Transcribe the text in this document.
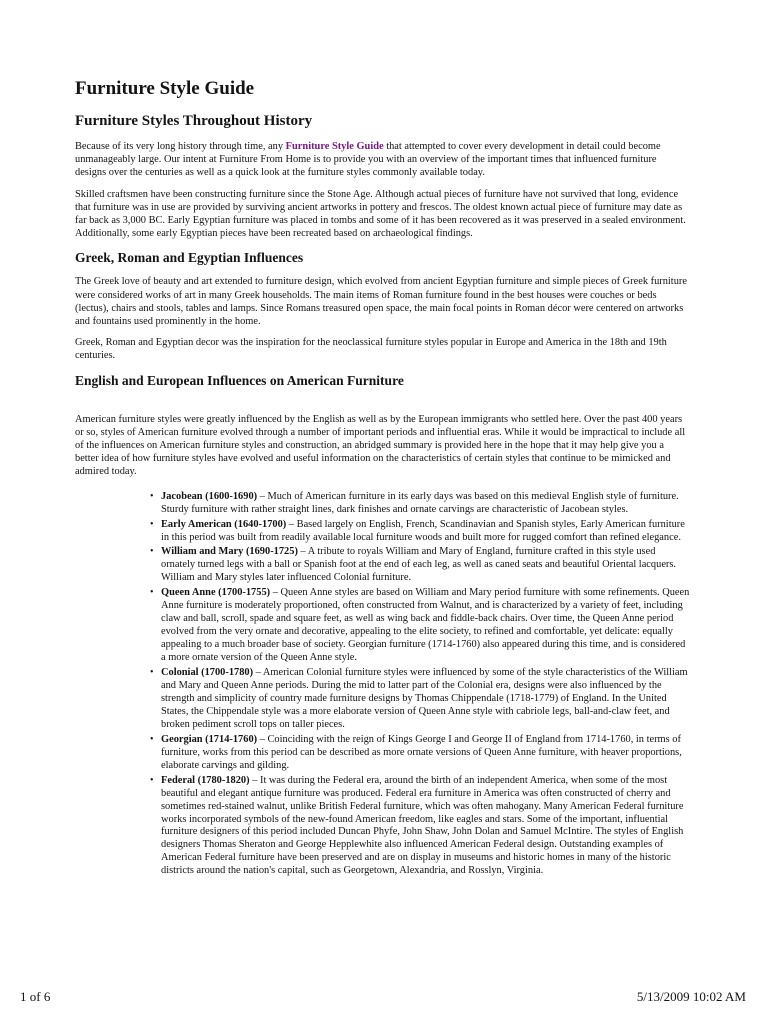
Furniture Style Guide
Furniture Styles Throughout History

Because of its very long history through time, any Furniture Style Guide that attempted to cover every development in detail could become unmanageably large. Our intent at Furniture From Home is to provide you with an overview of the important times that influenced furniture designs over the centuries as well as a quick look at the furniture styles commonly available today.

Skilled craftsmen have been constructing furniture since the Stone Age. Although actual pieces of furniture have not survived that long, evidence that furniture was in use are provided by surviving ancient artworks in pottery and frescos. The oldest known actual piece of furniture may date as far back as 3,000 BC. Early Egyptian furniture was placed in tombs and some of it has been recovered as it was preserved in a sealed environment. Additionally, some early Egyptian pieces have been recreated based on archaeological findings.

Greek, Roman and Egyptian Influences

The Greek love of beauty and art extended to furniture design, which evolved from ancient Egyptian furniture and simple pieces of Greek furniture were considered works of art in many Greek households. The main items of Roman furniture found in the best houses were couches or beds (lectus), chairs and stools, tables and lamps. Since Romans treasured open space, the main focal points in Roman décor were centered on artworks and fountains used prominently in the home.

Greek, Roman and Egyptian decor was the inspiration for the neoclassical furniture styles popular in Europe and America in the 18th and 19th centuries.

English and European Influences on American Furniture

American furniture styles were greatly influenced by the English as well as by the European immigrants who settled here. Over the past 400 years or so, styles of American furniture evolved through a number of important periods and influential eras. While it would be impractical to include all of the influences on American furniture styles and construction, an abridged summary is provided here in the hope that it may help give you a better idea of how furniture styles have evolved and useful information on the characteristics of certain styles that continue to be mimicked and admired today.

• Jacobean (1600-1690) – Much of American furniture in its early days was based on this medieval English style of furniture. Sturdy furniture with rather straight lines, dark finishes and ornate carvings are characteristic of Jacobean styles.
• Early American (1640-1700) – Based largely on English, French, Scandinavian and Spanish styles, Early American furniture in this period was built from readily available local furniture woods and built more for rugged comfort than refined elegance.
• William and Mary (1690-1725) – A tribute to royals William and Mary of England, furniture crafted in this style used ornately turned legs with a ball or Spanish foot at the end of each leg, as well as caned seats and beautiful Oriental lacquers. William and Mary styles later influenced Colonial furniture.
• Queen Anne (1700-1755) – Queen Anne styles are based on William and Mary period furniture with some refinements. Queen Anne furniture is moderately proportioned, often constructed from Walnut, and is characterized by a variety of feet, including claw and ball, scroll, spade and square feet, as well as wing back and fiddle-back chairs. Over time, the Queen Anne period evolved from the very ornate and decorative, appealing to the elite society, to refined and comfortable, yet delicate: equally appealing to a much broader base of society. Georgian furniture (1714-1760) also appeared during this time, and is considered a more ornate version of the Queen Anne style.
• Colonial (1700-1780) – American Colonial furniture styles were influenced by some of the style characteristics of the William and Mary and Queen Anne periods. During the mid to latter part of the Colonial era, designs were also influenced by the strength and simplicity of country made furniture designs by Thomas Chippendale (1718-1779) of England. In the United States, the Chippendale style was a more elaborate version of Queen Anne style with cabriole legs, ball-and-claw feet, and broken pediment scroll tops on taller pieces.
• Georgian (1714-1760) – Coinciding with the reign of Kings George I and George II of England from 1714-1760, in terms of furniture, works from this period can be described as more ornate versions of Queen Anne furniture, with heaver proportions, elaborate carvings and gilding.
• Federal (1780-1820) – It was during the Federal era, around the birth of an independent America, when some of the most beautiful and elegant antique furniture was produced. Federal era furniture in America was often constructed of cherry and sometimes red-stained walnut, unlike British Federal furniture, which was often mahogany. Many American Federal furniture works incorporated symbols of the new-found American freedom, like eagles and stars. Some of the important, influential furniture designers of this period included Duncan Phyfe, John Shaw, John Dolan and Samuel McIntire. The styles of English designers Thomas Sheraton and George Hepplewhite also influenced American Federal design. Outstanding examples of American Federal furniture have been preserved and are on display in museums and historic homes in many of the historic districts around the nation's capital, such as Georgetown, Alexandria, and Rosslyn, Virginia.
1 of 6	5/13/2009 10:02 AM
